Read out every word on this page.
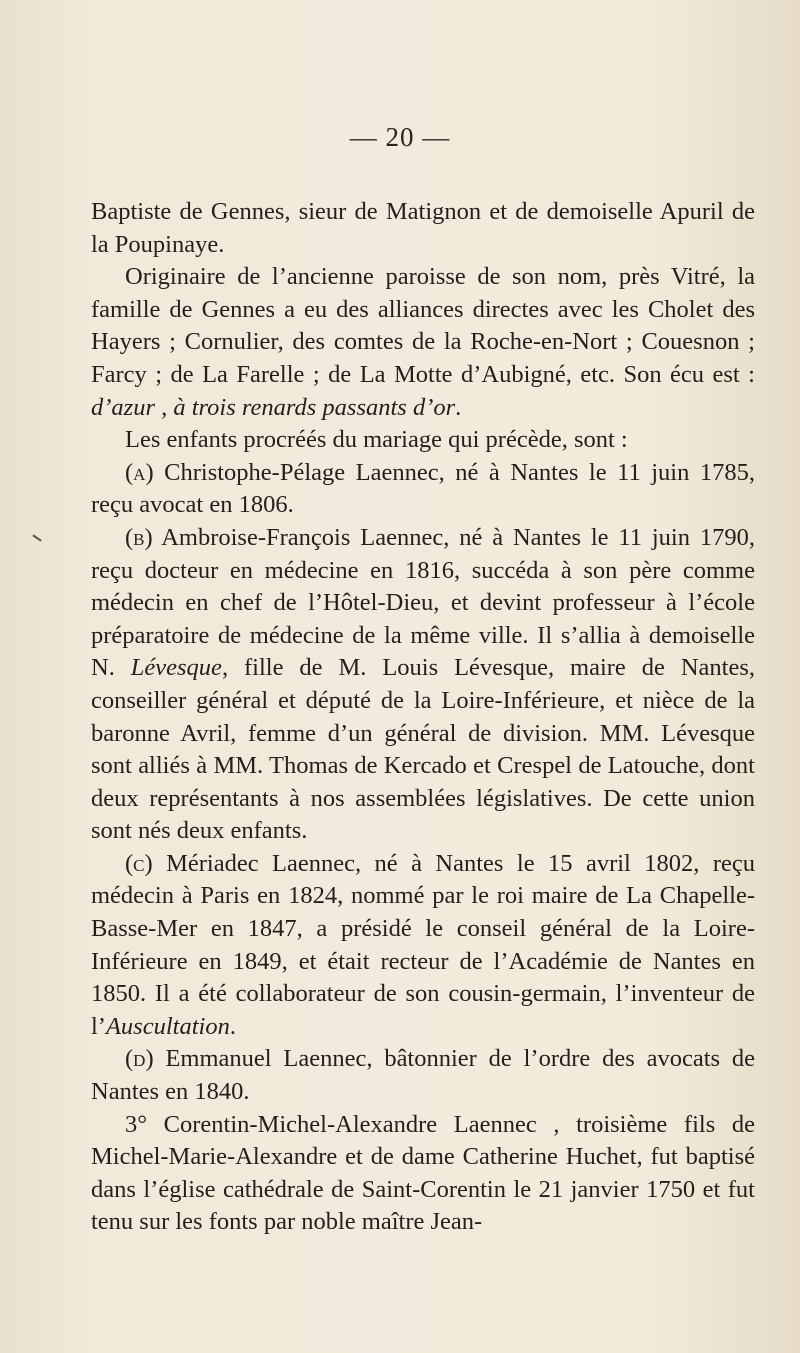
— 20 —

Baptiste de Gennes, sieur de Matignon et de demoiselle Apuril de la Poupinaye.

Originaire de l’ancienne paroisse de son nom, près Vitré, la famille de Gennes a eu des alliances directes avec les Cholet des Hayers ; Cornulier, des comtes de la Roche-en-Nort ; Couesnon ; Farcy ; de La Farelle ; de La Motte d’Aubigné, etc. Son écu est : d’azur , à trois renards passants d’or.

Les enfants procréés du mariage qui précède, sont :

(a) Christophe-Pélage Laennec, né à Nantes le 11 juin 1785, reçu avocat en 1806.

(b) Ambroise-François Laennec, né à Nantes le 11 juin 1790, reçu docteur en médecine en 1816, succéda à son père comme médecin en chef de l’Hôtel-Dieu, et devint professeur à l’école préparatoire de médecine de la même ville. Il s’allia à demoiselle N. Lévesque, fille de M. Louis Lévesque, maire de Nantes, conseiller général et député de la Loire-Inférieure, et nièce de la baronne Avril, femme d’un général de division. MM. Lévesque sont alliés à MM. Thomas de Kercado et Crespel de Latouche, dont deux représentants à nos assemblées législatives. De cette union sont nés deux enfants.

(c) Mériadec Laennec, né à Nantes le 15 avril 1802, reçu médecin à Paris en 1824, nommé par le roi maire de La Chapelle-Basse-Mer en 1847, a présidé le conseil général de la Loire-Inférieure en 1849, et était recteur de l’Académie de Nantes en 1850. Il a été collaborateur de son cousin-germain, l’inventeur de l’Auscultation.

(d) Emmanuel Laennec, bâtonnier de l’ordre des avocats de Nantes en 1840.

3° Corentin-Michel-Alexandre Laennec , troisième fils de Michel-Marie-Alexandre et de dame Catherine Huchet, fut baptisé dans l’église cathédrale de Saint-Corentin le 21 janvier 1750 et fut tenu sur les fonts par noble maître Jean-
